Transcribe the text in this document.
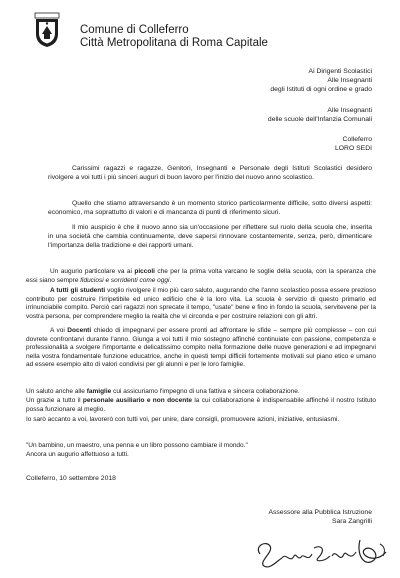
Comune di Colleferro
Città Metropolitana di Roma Capitale
Ai Dirigenti Scolastici
Alle Insegnanti
degli Istituti di ogni ordine e grado
Alle Insegnanti
delle scuole dell'Infanzia Comunali
Colleferro
LORO SEDI

Carissimi ragazzi e ragazze, Genitori, Insegnanti e Personale degli Istituti Scolastici desidero rivolgere a voi tutti i più sinceri auguri di buon lavoro per l'inizio del nuovo anno scolastico.

Quello che stiamo attraversando è un momento storico particolarmente difficile, sotto diversi aspetti: economico, ma soprattutto di valori e di mancanza di punti di riferimento sicuri.

Il mio auspicio è che il nuovo anno sia un'occasione per riflettere sul ruolo della scuola che, inserita in una società che cambia continuamente, deve sapersi rinnovare costantemente, senza, però, dimenticare l'importanza della tradizione e dei rapporti umani.

Un augurio particolare va ai piccoli che per la prima volta varcano le soglie della scuola, con la speranza che essi siano sempre fiduciosi e sorridenti come oggi.

A tutti gli studenti voglio rivolgere il mio più caro saluto, augurando che l'anno scolastico possa essere prezioso contributo per costruire l'irripetibile ed unico edificio che è la loro vita. La scuola è servizio di questo primario ed irrinunciabile compito. Perciò cari ragazzi non sprecate il tempo, "usate" bene e fino in fondo la scuola, servitevene per la vostra persona, per comprendere meglio la realtà che vi circonda e per costruire relazioni con gli altri.

A voi Docenti chiedo di impegnarvi per essere pronti ad affrontare le sfide – sempre più complesse – con cui dovrete confrontarvi durante l'anno. Giunga a voi tutti il mio sostegno affinché continuiate con passione, competenza e professionalità a svolgere l'importante e delicatissimo compito nella formazione delle nuove generazioni e ad impegnarvi nella vostra fondamentale funzione educatrice, anche in questi tempi difficili fortemente motivati sul piano etico e umano ad essere esempio alto di valori condivisi per gli alunni e per le loro famiglie.

Un saluto anche alle famiglie cui assicuriamo l'impegno di una fattiva e sincera collaborazione.

Un grazie a tutto il personale ausiliario e non docente la cui collaborazione è indispensabile affinché il nostro Istituto possa funzionare al meglio.

Io sarò accanto a voi, lavorerò con tutti voi, per unire, dare consigli, promuovere azioni, iniziative, entusiasmi.

"Un bambino, un maestro, una penna e un libro possono cambiare il mondo."
Ancora un augurio affettuoso a tutti.
Colleferro, 10 settembre 2018
Assessore alla Pubblica Istruzione
Sara Zangrilli
